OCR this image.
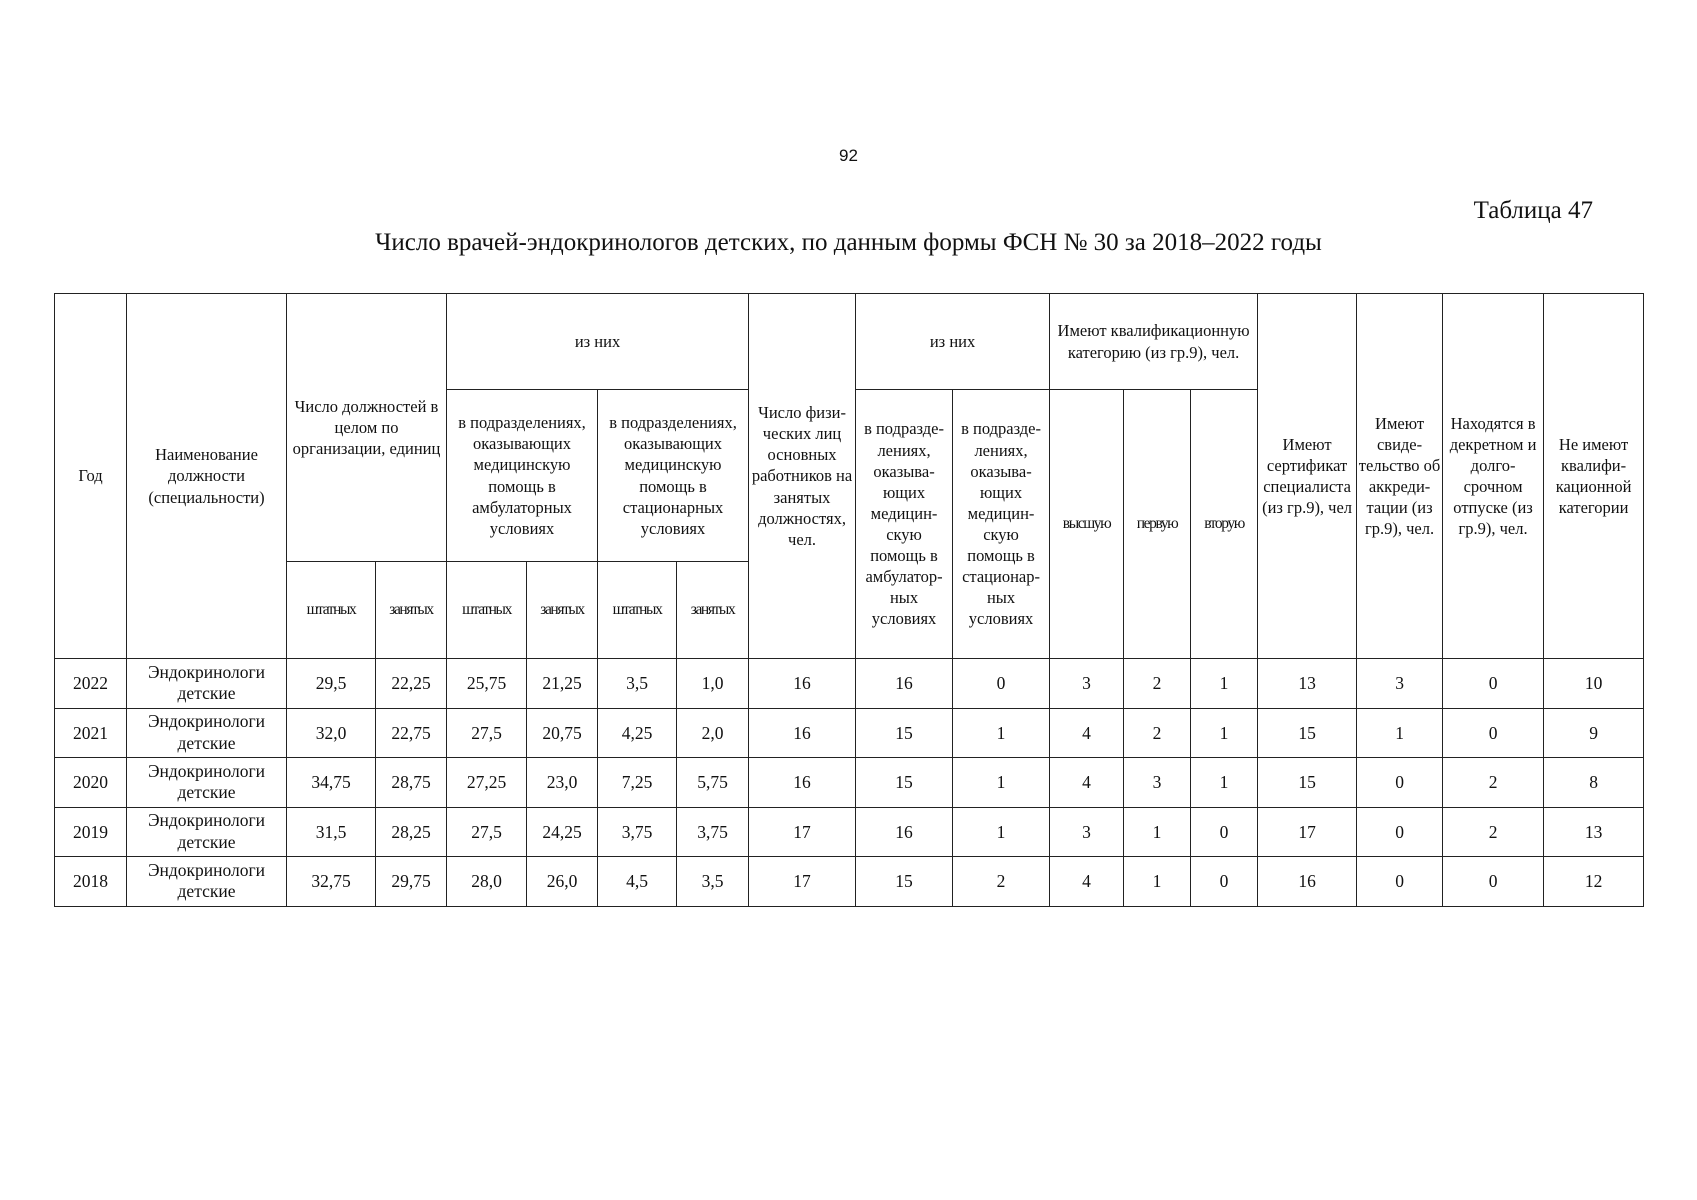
92
Таблица 47
Число врачей-эндокринологов детских, по данным формы ФСН № 30 за 2018–2022 годы
Год	Наименование должности (специальности)	Число должностей в целом по организации, единиц		из них				Число физи-ческих лиц основных работников на занятых должностях, чел.	из них		Имеют квалификационную категорию (из гр.9), чел.			Имеют сертификат специалиста (из гр.9), чел	Имеют свиде-тельство об аккреди-тации (из гр.9), чел.	Находятся в декретном и долго-срочном отпуске (из гр.9), чел.	Не имеют квалифи-кационной категории
				в подразделениях, оказывающих медицинскую помощь в амбулаторных условиях		в подразделениях, оказывающих медицинскую помощь в стационарных условиях			в подразде-лениях, оказыва-ющих медицин-скую помощь в амбулатор-ных условиях	в подразде-лениях, оказыва-ющих медицин-скую помощь в стационар-ных условиях	высшую	первую	вторую				
		штатных	занятых	штатных	занятых	штатных	занятых										
2022	Эндокринологи детские	29,5	22,25	25,75	21,25	3,5	1,0	16	16	0	3	2	1	13	3	0	10
2021	Эндокринологи детские	32,0	22,75	27,5	20,75	4,25	2,0	16	15	1	4	2	1	15	1	0	9
2020	Эндокринологи детские	34,75	28,75	27,25	23,0	7,25	5,75	16	15	1	4	3	1	15	0	2	8
2019	Эндокринологи детские	31,5	28,25	27,5	24,25	3,75	3,75	17	16	1	3	1	0	17	0	2	13
2018	Эндокринологи детские	32,75	29,75	28,0	26,0	4,5	3,5	17	15	2	4	1	0	16	0	0	12
